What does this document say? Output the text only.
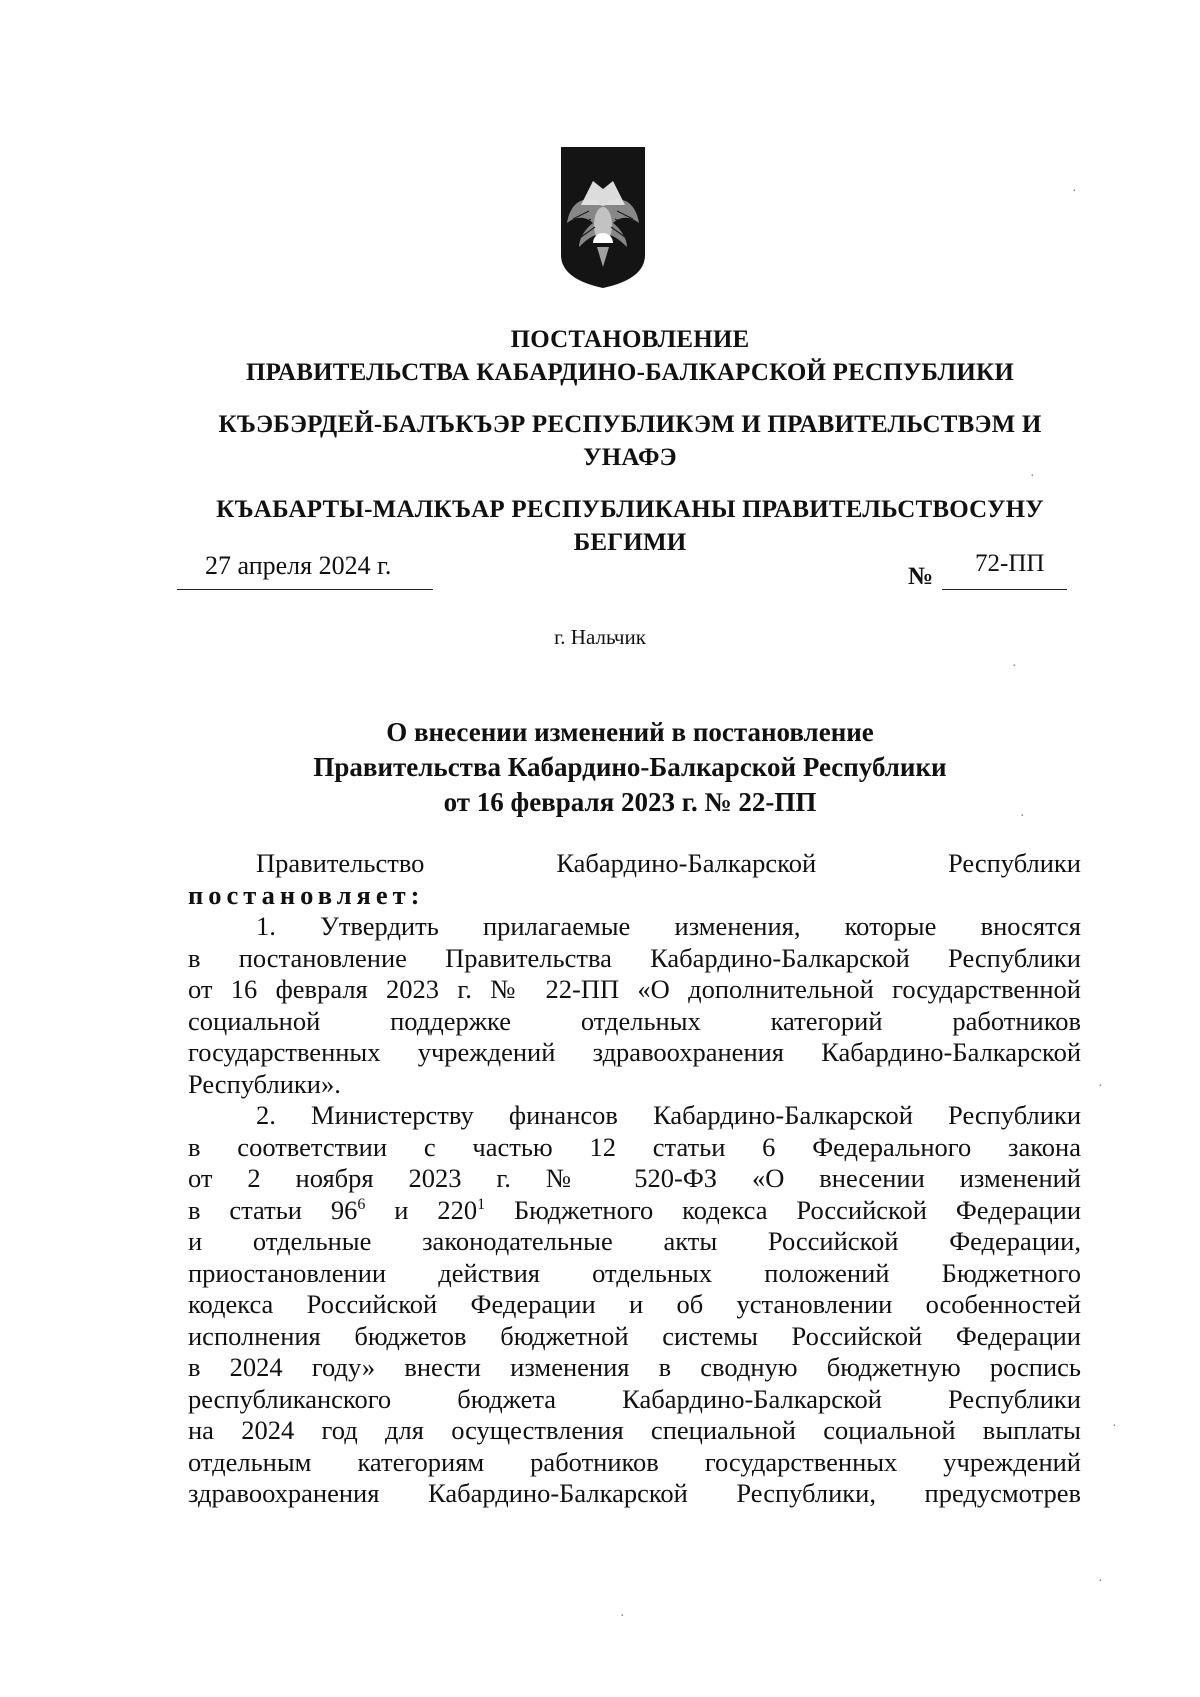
ПОСТАНОВЛЕНИЕ
ПРАВИТЕЛЬСТВА КАБАРДИНО-БАЛКАРСКОЙ РЕСПУБЛИКИ
КЪЭБЭРДЕЙ-БАЛЪКЪЭР РЕСПУБЛИКЭМ И ПРАВИТЕЛЬСТВЭМ И
УНАФЭ
КЪАБАРТЫ-МАЛКЪАР РЕСПУБЛИКАНЫ ПРАВИТЕЛЬСТВОСУНУ
БЕГИМИ
27 апреля 2024 г.	№ 72-ПП
г. Нальчик
О внесении изменений в постановление
Правительства Кабардино-Балкарской Республики
от 16 февраля 2023 г. № 22-ПП
Правительство	Кабардино-Балкарской	Республики
постановляет:
1. Утвердить прилагаемые изменения, которые вносятся
в постановление Правительства Кабардино-Балкарской Республики
от 16 февраля 2023 г. № 22-ПП «О дополнительной государственной
социальной поддержке отдельных категорий работников
государственных учреждений здравоохранения Кабардино-Балкарской
Республики».
2. Министерству финансов Кабардино-Балкарской Республики
в соответствии с частью 12 статьи 6 Федерального закона
от 2 ноября 2023 г. № 520-ФЗ «О внесении изменений
в статьи $96^6$ и $220^1$ Бюджетного кодекса Российской Федерации
и отдельные законодательные акты Российской Федерации,
приостановлении действия отдельных положений Бюджетного
кодекса Российской Федерации и об установлении особенностей
исполнения бюджетов бюджетной системы Российской Федерации
в 2024 году» внести изменения в сводную бюджетную роспись
республиканского бюджета Кабардино-Балкарской Республики
на 2024 год для осуществления специальной социальной выплаты
отдельным категориям работников государственных учреждений
здравоохранения Кабардино-Балкарской Республики, предусмотрев
·
·
·
·
·
·
·
·
